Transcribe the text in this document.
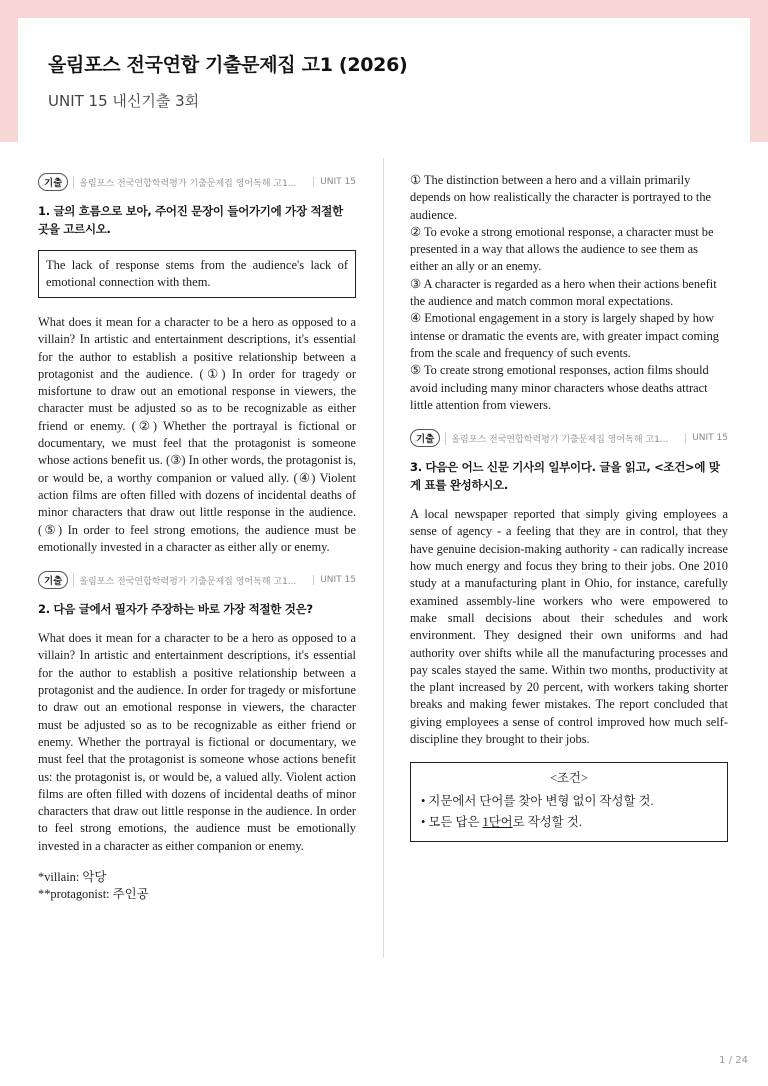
올림포스 전국연합 기출문제집 고1 (2026)

UNIT 15 내신기출 3회

기출	올림포스 전국연합학력평가 기출문제집 영어독해 고1...	UNIT 15

1. 글의 흐름으로 보아, 주어진 문장이 들어가기에 가장 적절한 곳을 고르시오.

The lack of response stems from the audience's lack of emotional connection with them.

What does it mean for a character to be a hero as opposed to a villain? In artistic and entertainment descriptions, it's essential for the author to establish a positive relationship between a protagonist and the audience. (①) In order for tragedy or misfortune to draw out an emotional response in viewers, the character must be adjusted so as to be recognizable as either friend or enemy. (②) Whether the portrayal is fictional or documentary, we must feel that the protagonist is someone whose actions benefit us. (③) In other words, the protagonist is, or would be, a worthy companion or valued ally. (④) Violent action films are often filled with dozens of incidental deaths of minor characters that draw out little response in the audience. (⑤) In order to feel strong emotions, the audience must be emotionally invested in a character as either ally or enemy.

기출	올림포스 전국연합학력평가 기출문제집 영어독해 고1...	UNIT 15

2. 다음 글에서 필자가 주장하는 바로 가장 적절한 것은?

What does it mean for a character to be a hero as opposed to a villain? In artistic and entertainment descriptions, it's essential for the author to establish a positive relationship between a protagonist and the audience. In order for tragedy or misfortune to draw out an emotional response in viewers, the character must be adjusted so as to be recognizable as either friend or enemy. Whether the portrayal is fictional or documentary, we must feel that the protagonist is someone whose actions benefit us: the protagonist is, or would be, a valued ally. Violent action films are often filled with dozens of incidental deaths of minor characters that draw out little response in the audience. In order to feel strong emotions, the audience must be emotionally invested in a character as either companion or enemy.

*villain: 악당

**protagonist: 주인공

① The distinction between a hero and a villain primarily depends on how realistically the character is portrayed to the audience.

② To evoke a strong emotional response, a character must be presented in a way that allows the audience to see them as either an ally or an enemy.

③ A character is regarded as a hero when their actions benefit the audience and match common moral expectations.

④ Emotional engagement in a story is largely shaped by how intense or dramatic the events are, with greater impact coming from the scale and frequency of such events.

⑤ To create strong emotional responses, action films should avoid including many minor characters whose deaths attract little attention from viewers.

기출	올림포스 전국연합학력평가 기출문제집 영어독해 고1...	UNIT 15

3. 다음은 어느 신문 기사의 일부이다. 글을 읽고, <조건>에 맞게 표를 완성하시오.

A local newspaper reported that simply giving employees a sense of agency - a feeling that they are in control, that they have genuine decision-making authority - can radically increase how much energy and focus they bring to their jobs. One 2010 study at a manufacturing plant in Ohio, for instance, carefully examined assembly-line workers who were empowered to make small decisions about their schedules and work environment. They designed their own uniforms and had authority over shifts while all the manufacturing processes and pay scales stayed the same. Within two months, productivity at the plant increased by 20 percent, with workers taking shorter breaks and making fewer mistakes. The report concluded that giving employees a sense of control improved how much self-discipline they brought to their jobs.

<조건>

• 지문에서 단어를 찾아 변형 없이 작성할 것.

• 모든 답은 1단어로 작성할 것.

1 / 24
